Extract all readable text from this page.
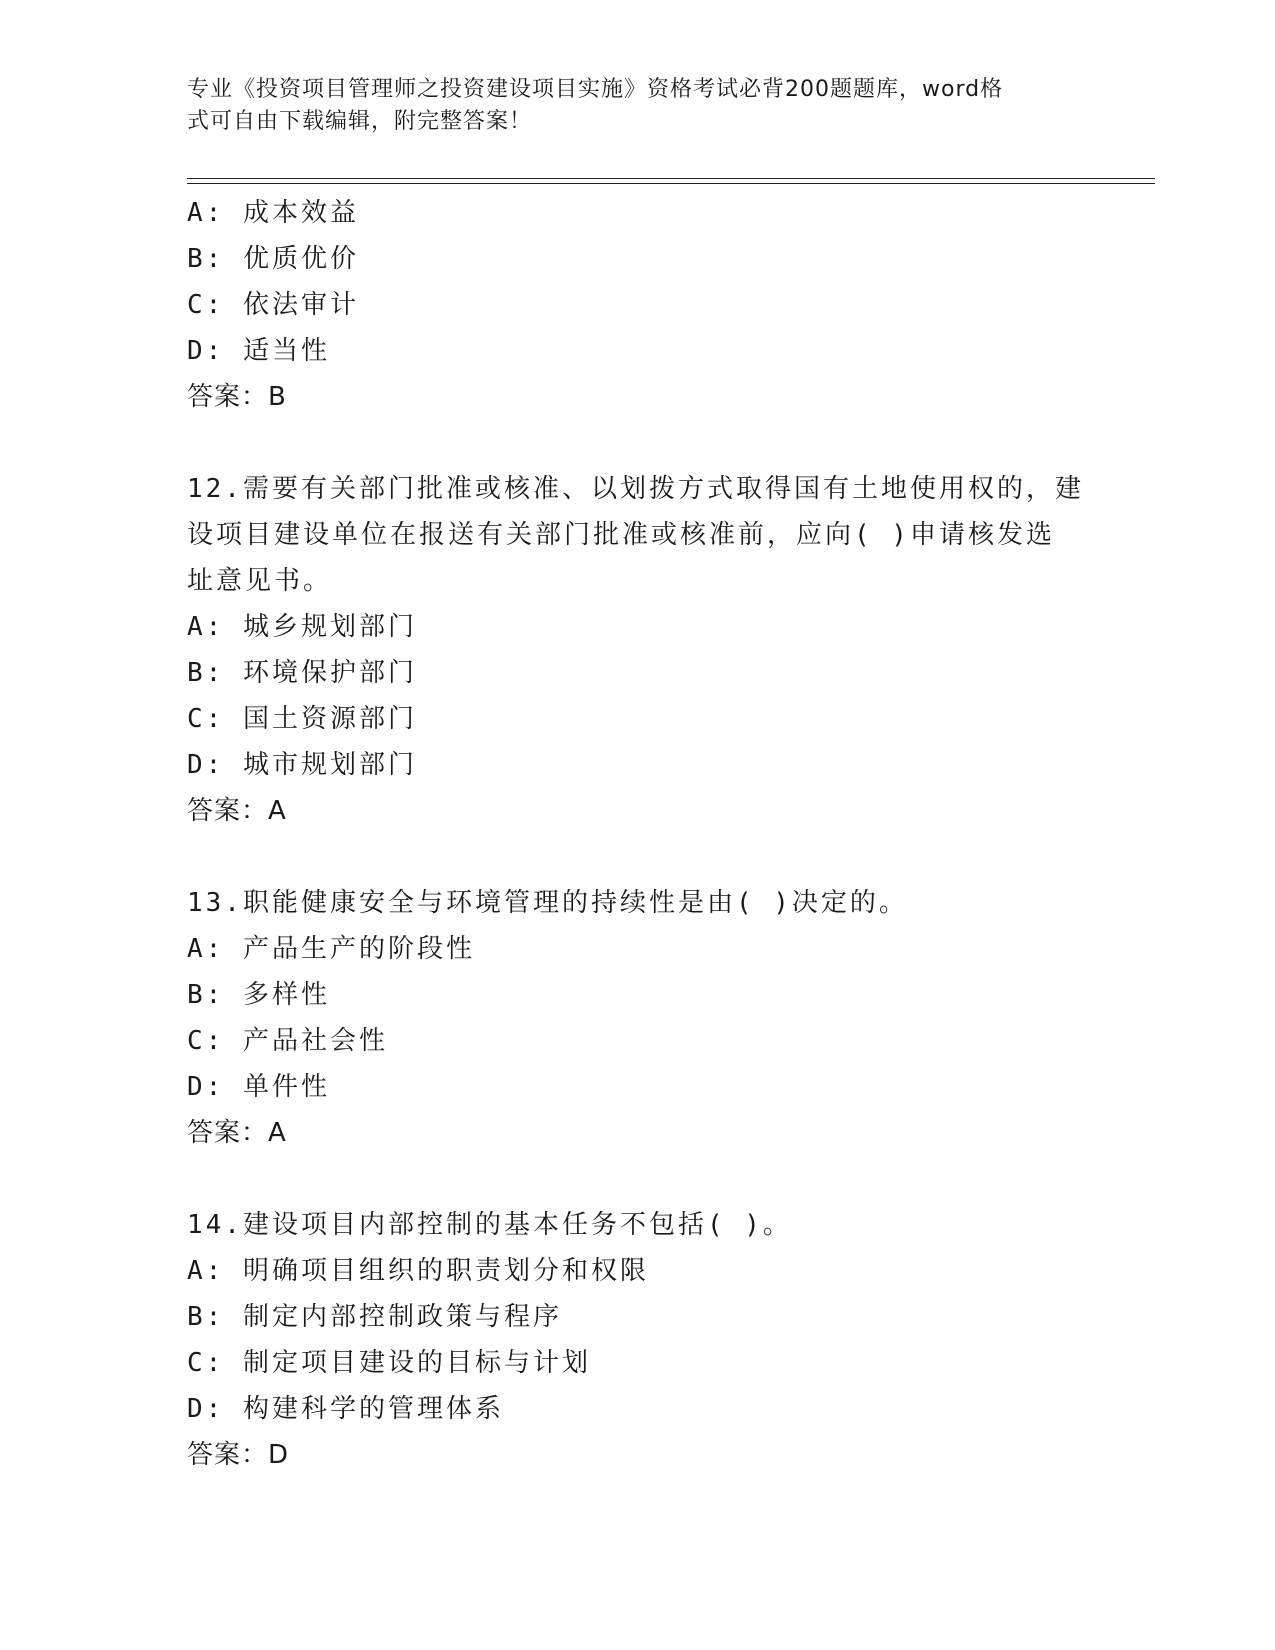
专业《投资项目管理师之投资建设项目实施》资格考试必背200题题库，word格
式可自由下载编辑，附完整答案！
A: 成本效益
B: 优质优价
C: 依法审计
D: 适当性
答案：B
12.需要有关部门批准或核准、以划拨方式取得国有土地使用权的，建
设项目建设单位在报送有关部门批准或核准前，应向( )申请核发选
址意见书。
A: 城乡规划部门
B: 环境保护部门
C: 国土资源部门
D: 城市规划部门
答案：A
13.职能健康安全与环境管理的持续性是由( )决定的。
A: 产品生产的阶段性
B: 多样性
C: 产品社会性
D: 单件性
答案：A
14.建设项目内部控制的基本任务不包括( )。
A: 明确项目组织的职责划分和权限
B: 制定内部控制政策与程序
C: 制定项目建设的目标与计划
D: 构建科学的管理体系
答案：D
